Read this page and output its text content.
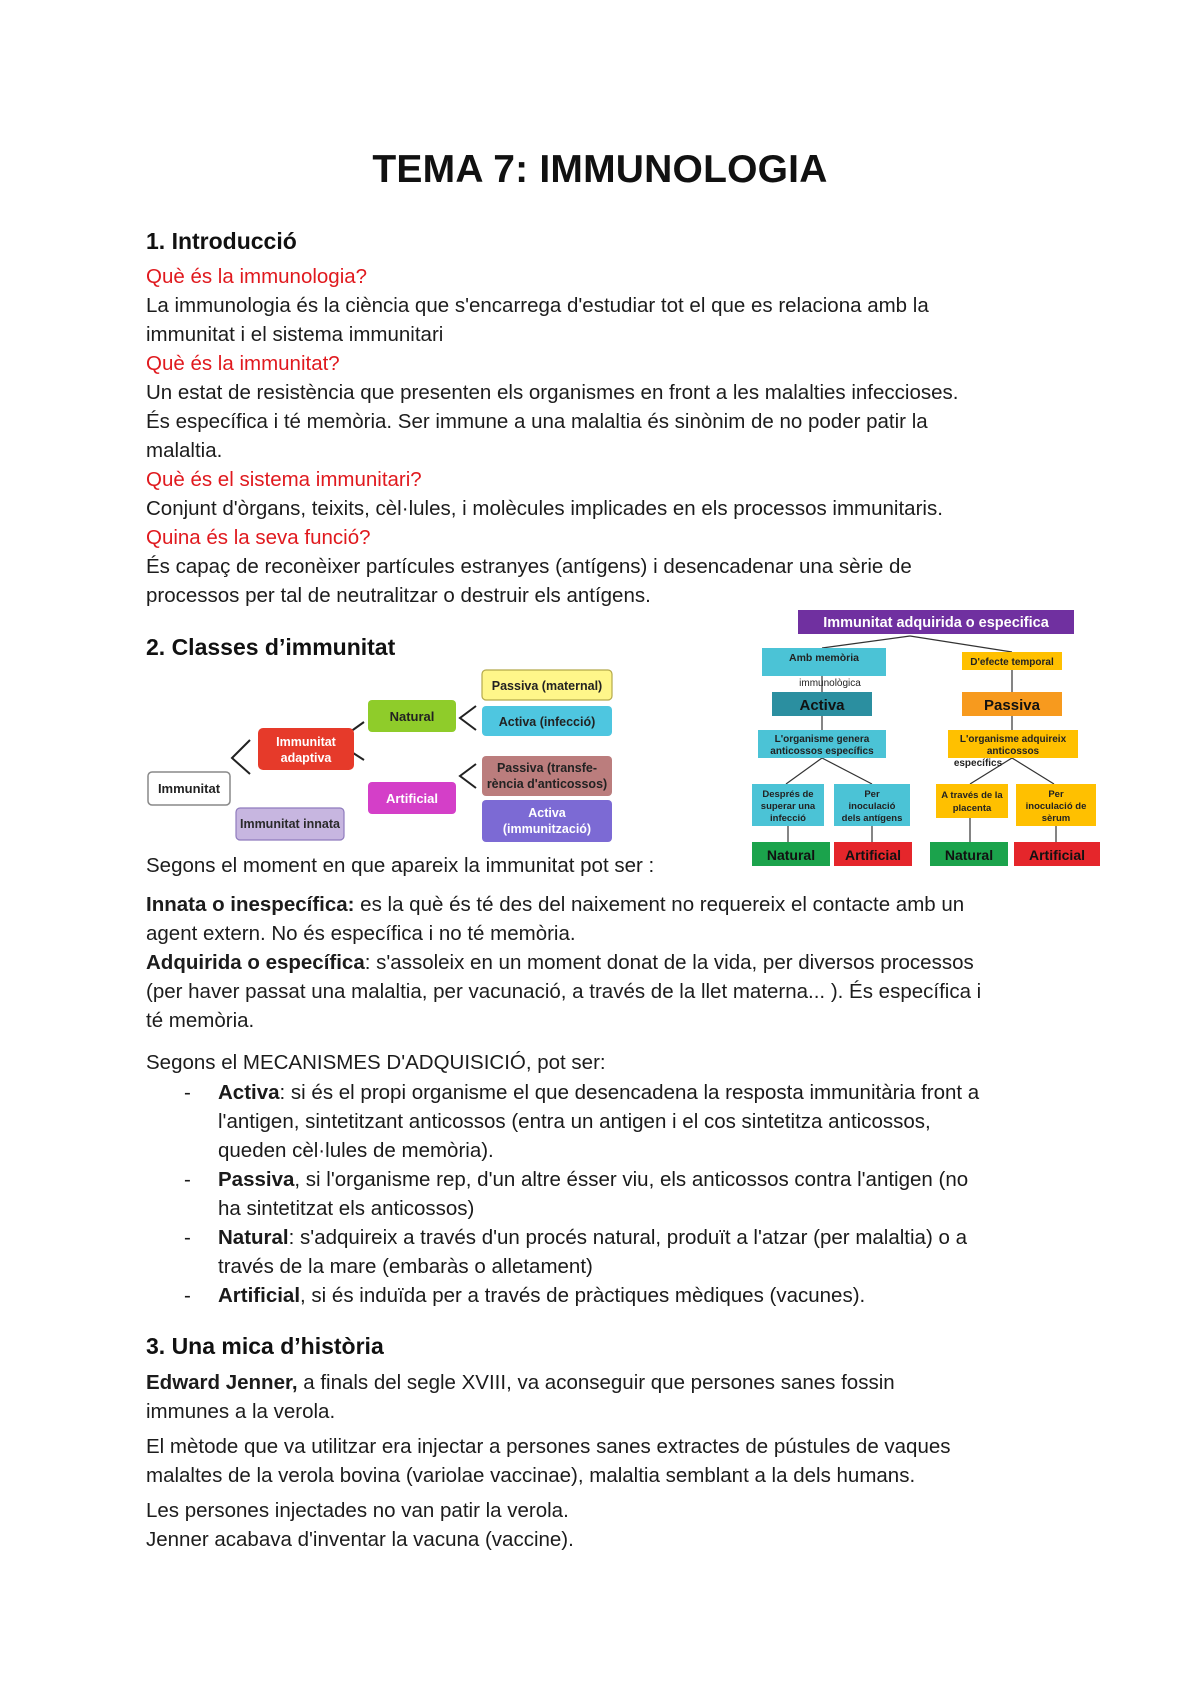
TEMA 7: IMMUNOLOGIA
1. Introducció
Què és la immunologia?
La immunologia és la ciència que s'encarrega d'estudiar tot el que es relaciona amb la
immunitat i el sistema immunitari
Què és la immunitat?
Un estat de resistència que presenten els organismes en front a les malalties infeccioses.
És específica i té memòria. Ser immune a una malaltia és sinònim de no poder patir la
malaltia.
Què és el sistema immunitari?
Conjunt d'òrgans, teixits, cèl·lules, i molècules implicades en els processos immunitaris.
Quina és la seva funció?
És capaç de reconèixer partícules estranyes (antígens) i desencadenar una sèrie de
processos per tal de neutralitzar o destruir els antígens.
2. Classes d’immunitat
Immunitat
Immunitat
adaptiva
Immunitat innata
Natural
Artificial
Passiva (maternal)
Activa (infecció)
Passiva (transfe-
rència d'anticossos)
Activa
(immunització)
Immunitat adquirida o especifica
Amb memòria
immunològica
D'efecte temporal
Activa	Passiva
L'organisme genera
anticossos específics
L'organisme adquireix
anticossos
específics
Després de
superar una
infecció
Per
inoculació
dels antígens
A través de la
placenta
Per
inoculació de
sèrum
Natural Artificial	Natural	Artificial
Segons el moment en que apareix la immunitat pot ser :
Innata o inespecífica: es la què és té des del naixement no requereix el contacte amb un
agent extern. No és específica i no té memòria.
Adquirida o específica: s'assoleix en un moment donat de la vida, per diversos processos
(per haver passat una malaltia, per vacunació, a través de la llet materna... ). És específica i
té memòria.
Segons el MECANISMES D'ADQUISICIÓ, pot ser:
- Activa: si és el propi organisme el que desencadena la resposta immunitària front a
l'antigen, sintetitzant anticossos (entra un antigen i el cos sintetitza anticossos,
queden cèl·lules de memòria).
- Passiva, si l'organisme rep, d'un altre ésser viu, els anticossos contra l'antigen (no
ha sintetitzat els anticossos)
- Natural: s'adquireix a través d'un procés natural, produït a l'atzar (per malaltia) o a
través de la mare (embaràs o alletament)
- Artificial, si és induïda per a través de pràctiques mèdiques (vacunes).
3. Una mica d’història
Edward Jenner, a finals del segle XVIII, va aconseguir que persones sanes fossin
immunes a la verola.
El mètode que va utilitzar era injectar a persones sanes extractes de pústules de vaques
malaltes de la verola bovina (variolae vaccinae), malaltia semblant a la dels humans.
Les persones injectades no van patir la verola.
Jenner acabava d'inventar la vacuna (vaccine).
